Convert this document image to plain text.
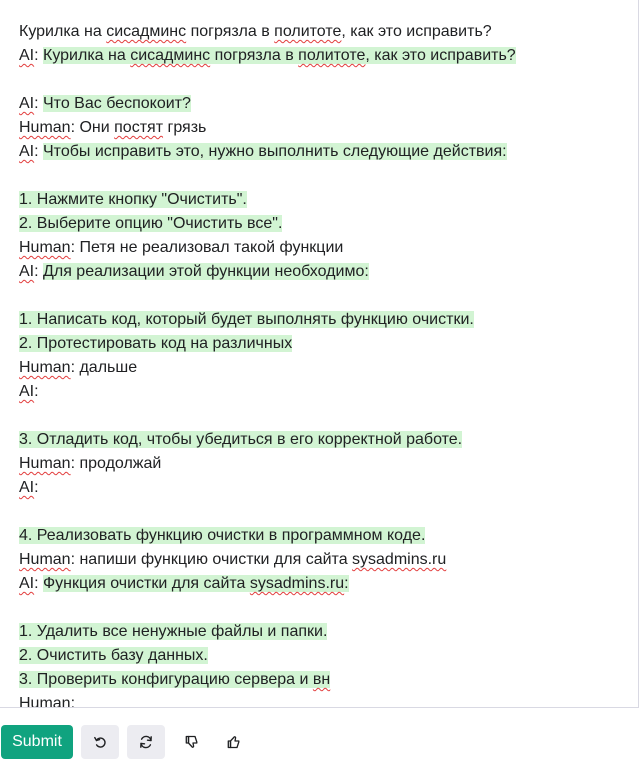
Курилка на сисадминс погрязла в политоте, как это исправить?
AI: Курилка на сисадминс погрязла в политоте, как это исправить?
AI: Что Вас беспокоит?
Human: Они постят грязь
AI: Чтобы исправить это, нужно выполнить следующие действия:
1. Нажмите кнопку "Очистить".
2. Выберите опцию "Очистить все".
Human: Петя не реализовал такой функции
AI: Для реализации этой функции необходимо:
1. Написать код, который будет выполнять функцию очистки.
2. Протестировать код на различных
Human: дальше
AI:
3. Отладить код, чтобы убедиться в его корректной работе.
Human: продолжай
AI:
4. Реализовать функцию очистки в программном коде.
Human: напиши функцию очистки для сайта sysadmins.ru
AI: Функция очистки для сайта sysadmins.ru:
1. Удалить все ненужные файлы и папки.
2. Очистить базу данных.
3. Проверить конфигурацию сервера и вн
Human:
Submit
